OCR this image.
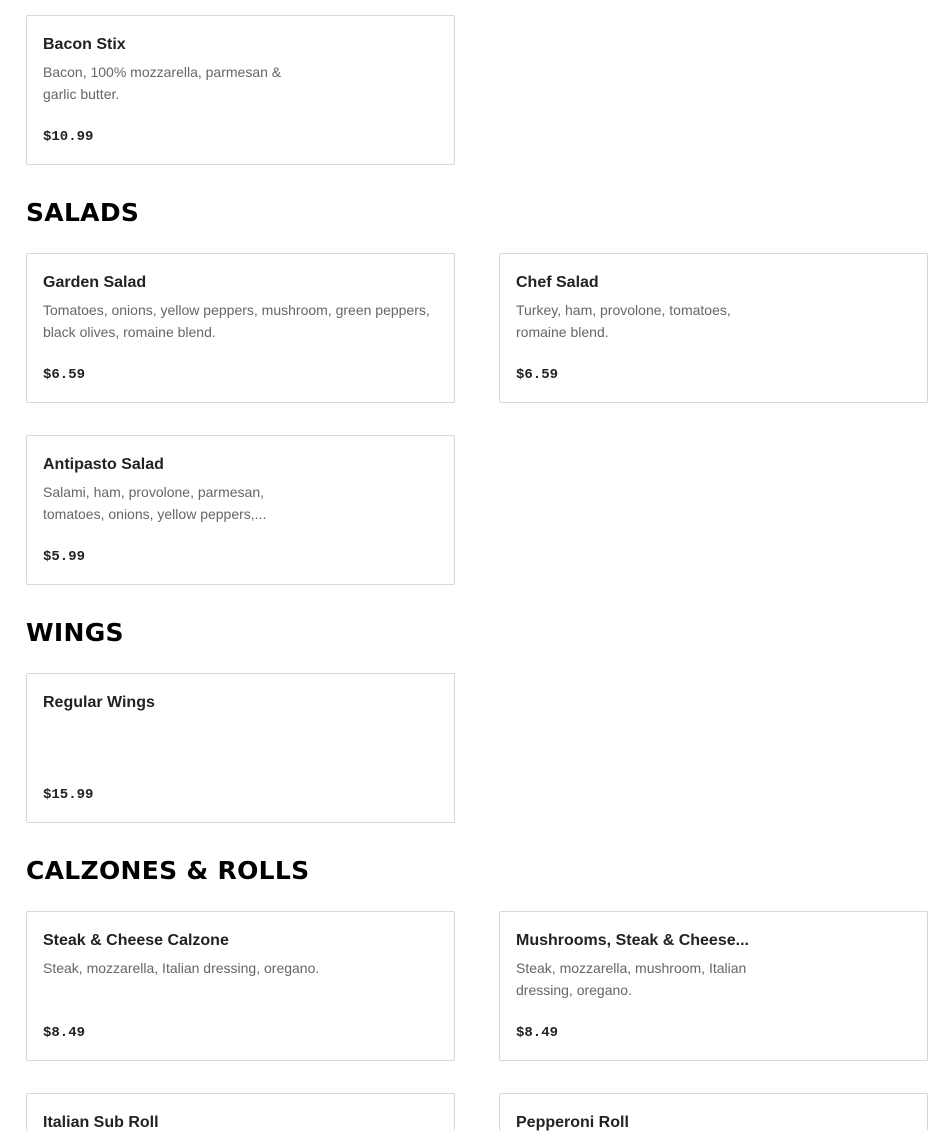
Bacon Stix
Bacon, 100% mozzarella, parmesan &
garlic butter.
$10.99
SALADS
Garden Salad
Tomatoes, onions, yellow peppers, mushroom, green peppers,
black olives, romaine blend.
$6.59
Chef Salad
Turkey, ham, provolone, tomatoes,
romaine blend.
$6.59
Antipasto Salad
Salami, ham, provolone, parmesan,
tomatoes, onions, yellow peppers,...
$5.99
WINGS
Regular Wings
$15.99
CALZONES & ROLLS
Steak & Cheese Calzone
Steak, mozzarella, Italian dressing, oregano.
$8.49
Mushrooms, Steak & Cheese...
Steak, mozzarella, mushroom, Italian
dressing, oregano.
$8.49
Italian Sub Roll	Pepperoni Roll
